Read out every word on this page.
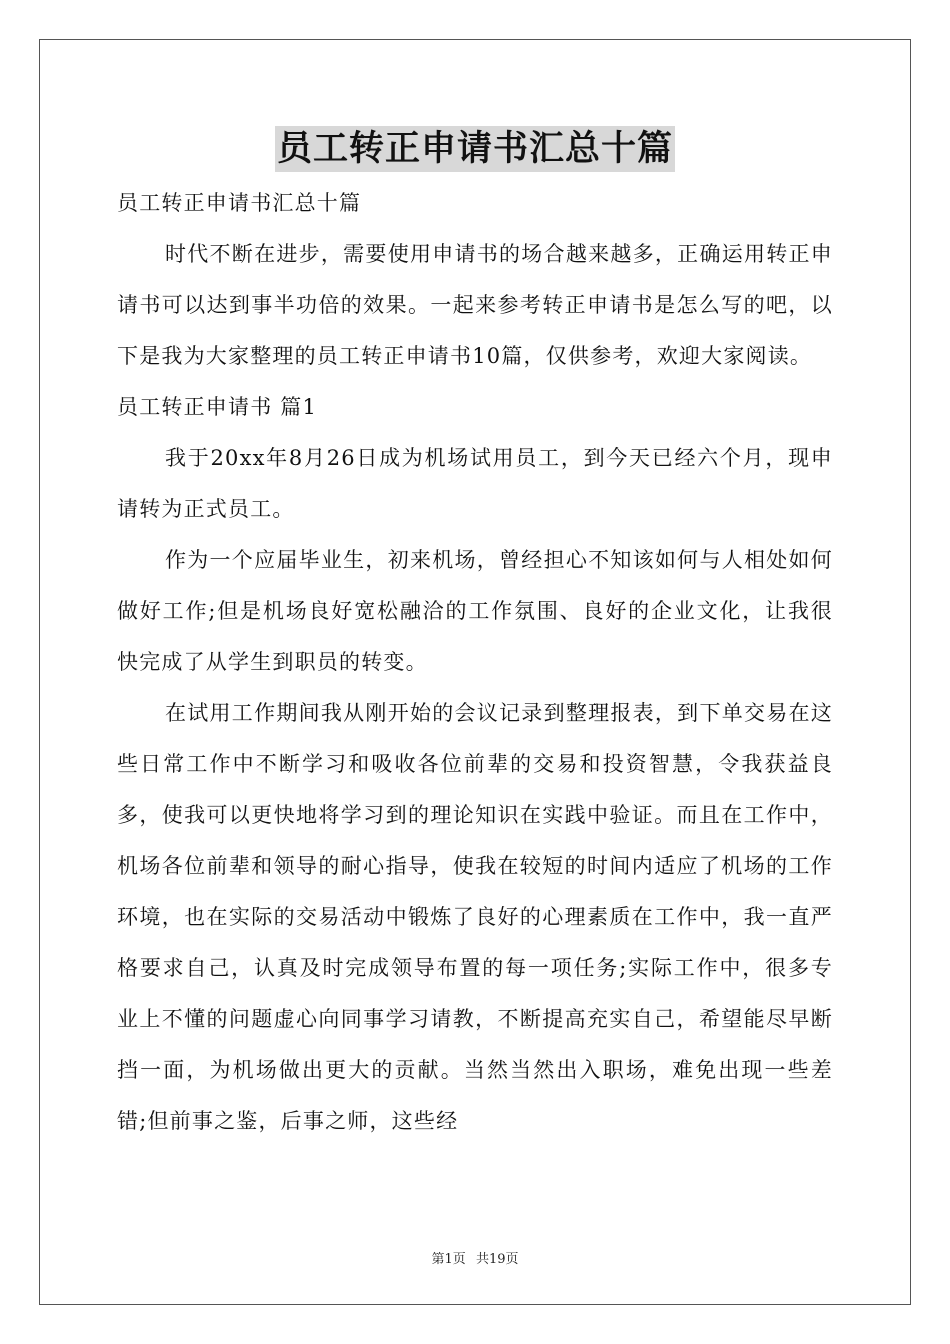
员工转正申请书汇总十篇

员工转正申请书汇总十篇

时代不断在进步，需要使用申请书的场合越来越多，正确运用转正申请书可以达到事半功倍的效果。一起来参考转正申请书是怎么写的吧，以下是我为大家整理的员工转正申请书10篇，仅供参考，欢迎大家阅读。

员工转正申请书 篇1

我于20xx年8月26日成为机场试用员工，到今天已经六个月，现申请转为正式员工。

作为一个应届毕业生，初来机场，曾经担心不知该如何与人相处如何做好工作;但是机场良好宽松融洽的工作氛围、良好的企业文化，让我很快完成了从学生到职员的转变。

在试用工作期间我从刚开始的会议记录到整理报表，到下单交易在这些日常工作中不断学习和吸收各位前辈的交易和投资智慧，令我获益良多，使我可以更快地将学习到的理论知识在实践中验证。而且在工作中，机场各位前辈和领导的耐心指导，使我在较短的时间内适应了机场的工作环境，也在实际的交易活动中锻炼了良好的心理素质在工作中，我一直严格要求自己，认真及时完成领导布置的每一项任务;实际工作中，很多专业上不懂的问题虚心向同事学习请教，不断提高充实自己，希望能尽早断挡一面，为机场做出更大的贡献。当然当然出入职场，难免出现一些差错;但前事之鉴，后事之师，这些经

第1页 共19页
